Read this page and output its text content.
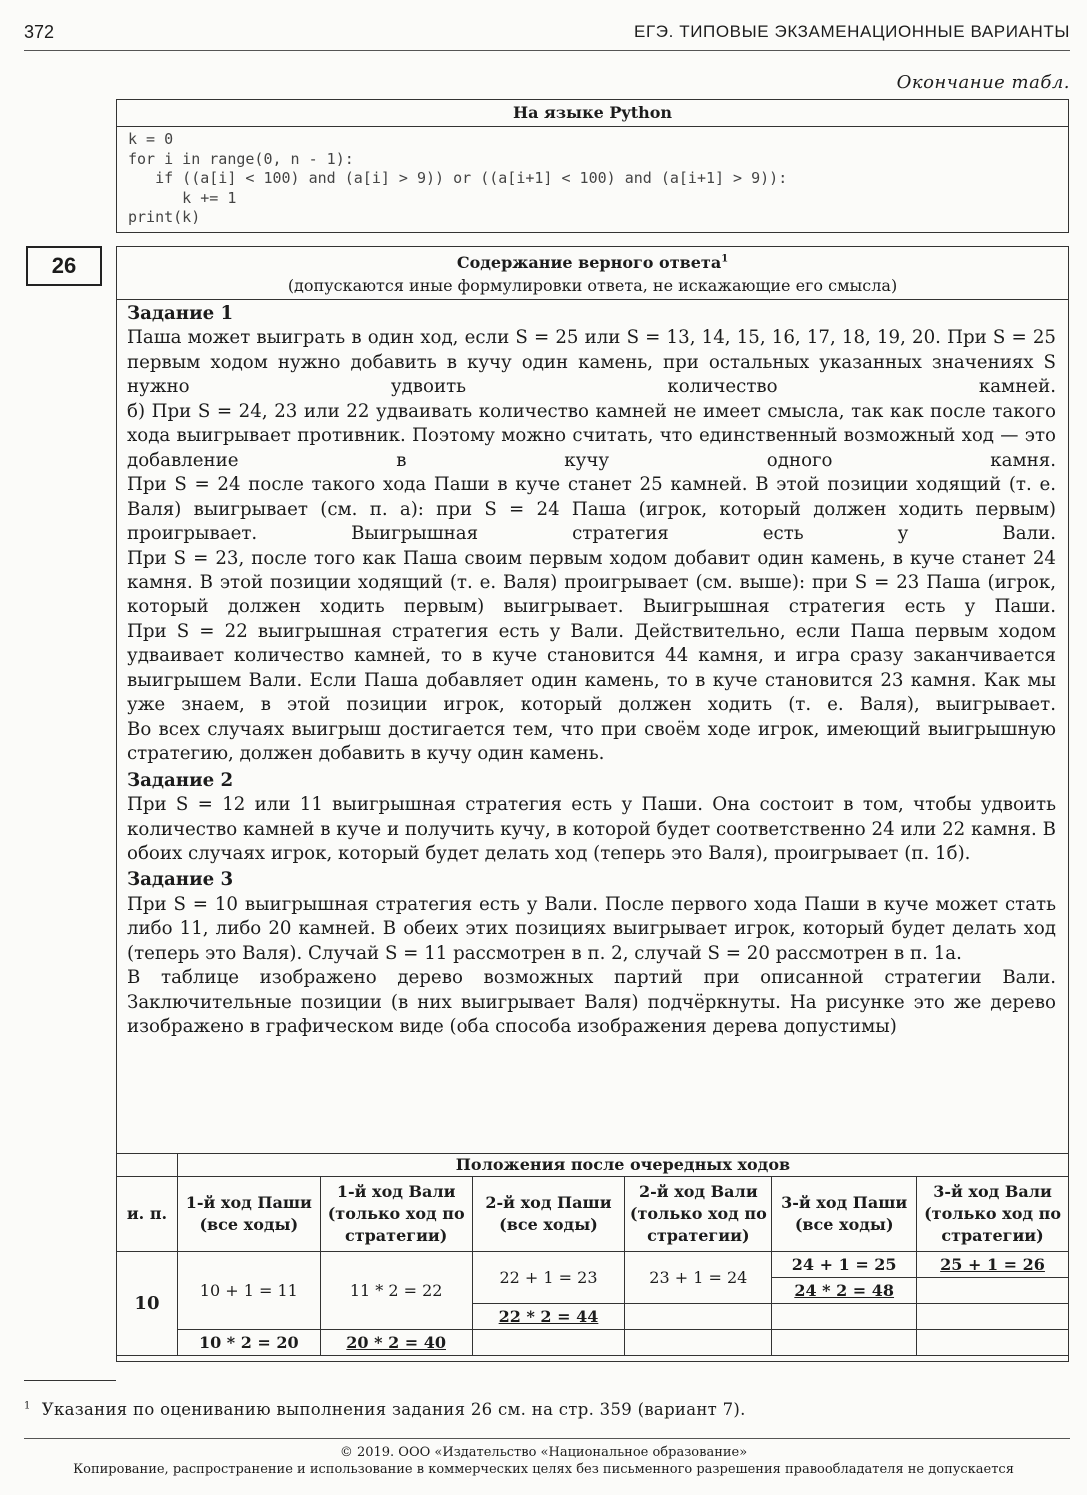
372	ЕГЭ. ТИПОВЫЕ ЭКЗАМЕНАЦИОННЫЕ ВАРИАНТЫ
Окончание табл.
На языке Python
k = 0
for i in range(0, n - 1):
if ((a[i] < 100) and (a[i] > 9)) or ((a[i+1] < 100) and (a[i+1] > 9)):
k += 1
print(k)
26	Содержание верного ответа$^1$
(допускаются иные формулировки ответа, не искажающие его смысла)
Задание 1
Паша может выиграть в один ход, если S = 25 или S = 13, 14, 15, 16, 17, 18, 19, 20. При S = 25 первым ходом нужно добавить в кучу один камень, при остальных указанных значениях S нужно удвоить количество камней.
б) При S = 24, 23 или 22 удваивать количество камней не имеет смысла, так как после такого хода выигрывает противник. Поэтому можно считать, что единственный возможный ход — это добавление в кучу одного камня.
При S = 24 после такого хода Паши в куче станет 25 камней. В этой позиции ходящий (т. е. Валя) выигрывает (см. п. а): при S = 24 Паша (игрок, который должен ходить первым) проигрывает. Выигрышная стратегия есть у Вали.
При S = 23, после того как Паша своим первым ходом добавит один камень, в куче станет 24 камня. В этой позиции ходящий (т. е. Валя) проигрывает (см. выше): при S = 23 Паша (игрок, который должен ходить первым) выигрывает. Выигрышная стратегия есть у Паши.
При S = 22 выигрышная стратегия есть у Вали. Действительно, если Паша первым ходом удваивает количество камней, то в куче становится 44 камня, и игра сразу заканчивается выигрышем Вали. Если Паша добавляет один камень, то в куче становится 23 камня. Как мы уже знаем, в этой позиции игрок, который должен ходить (т. е. Валя), выигрывает.
Во всех случаях выигрыш достигается тем, что при своём ходе игрок, имеющий выигрышную стратегию, должен добавить в кучу один камень.
Задание 2
При S = 12 или 11 выигрышная стратегия есть у Паши. Она состоит в том, чтобы удвоить количество камней в куче и получить кучу, в которой будет соответственно 24 или 22 камня. В обоих случаях игрок, который будет делать ход (теперь это Валя), проигрывает (п. 1б).
Задание 3
При S = 10 выигрышная стратегия есть у Вали. После первого хода Паши в куче может стать либо 11, либо 20 камней. В обеих этих позициях выигрывает игрок, который будет делать ход (теперь это Валя). Случай S = 11 рассмотрен в п. 2, случай S = 20 рассмотрен в п. 1а.
В таблице изображено дерево возможных партий при описанной стратегии Вали. Заключительные позиции (в них выигрывает Валя) подчёркнуты. На рисунке это же дерево изображено в графическом виде (оба способа изображения дерева допустимы)
	Положения после очередных ходов					
и. п.	1-й ход Паши (все ходы)	1-й ход Вали (только ход по стратегии)	2-й ход Паши (все ходы)	2-й ход Вали (только ход по стратегии)	3-й ход Паши (все ходы)	3-й ход Вали (только ход по стратегии)
10	10 + 1 = 11	11 * 2 = 22	22 + 1 = 23	23 + 1 = 24	24 + 1 = 25	25 + 1 = 26
					24 * 2 = 48	
			22 * 2 = 44			
	10 * 2 = 20	20 * 2 = 40				
$^1$ Указания по оцениванию выполнения задания 26 см. на стр. 359 (вариант 7).
© 2019. ООО «Издательство «Национальное образование»
Копирование, распространение и использование в коммерческих целях без письменного разрешения правообладателя не допускается
